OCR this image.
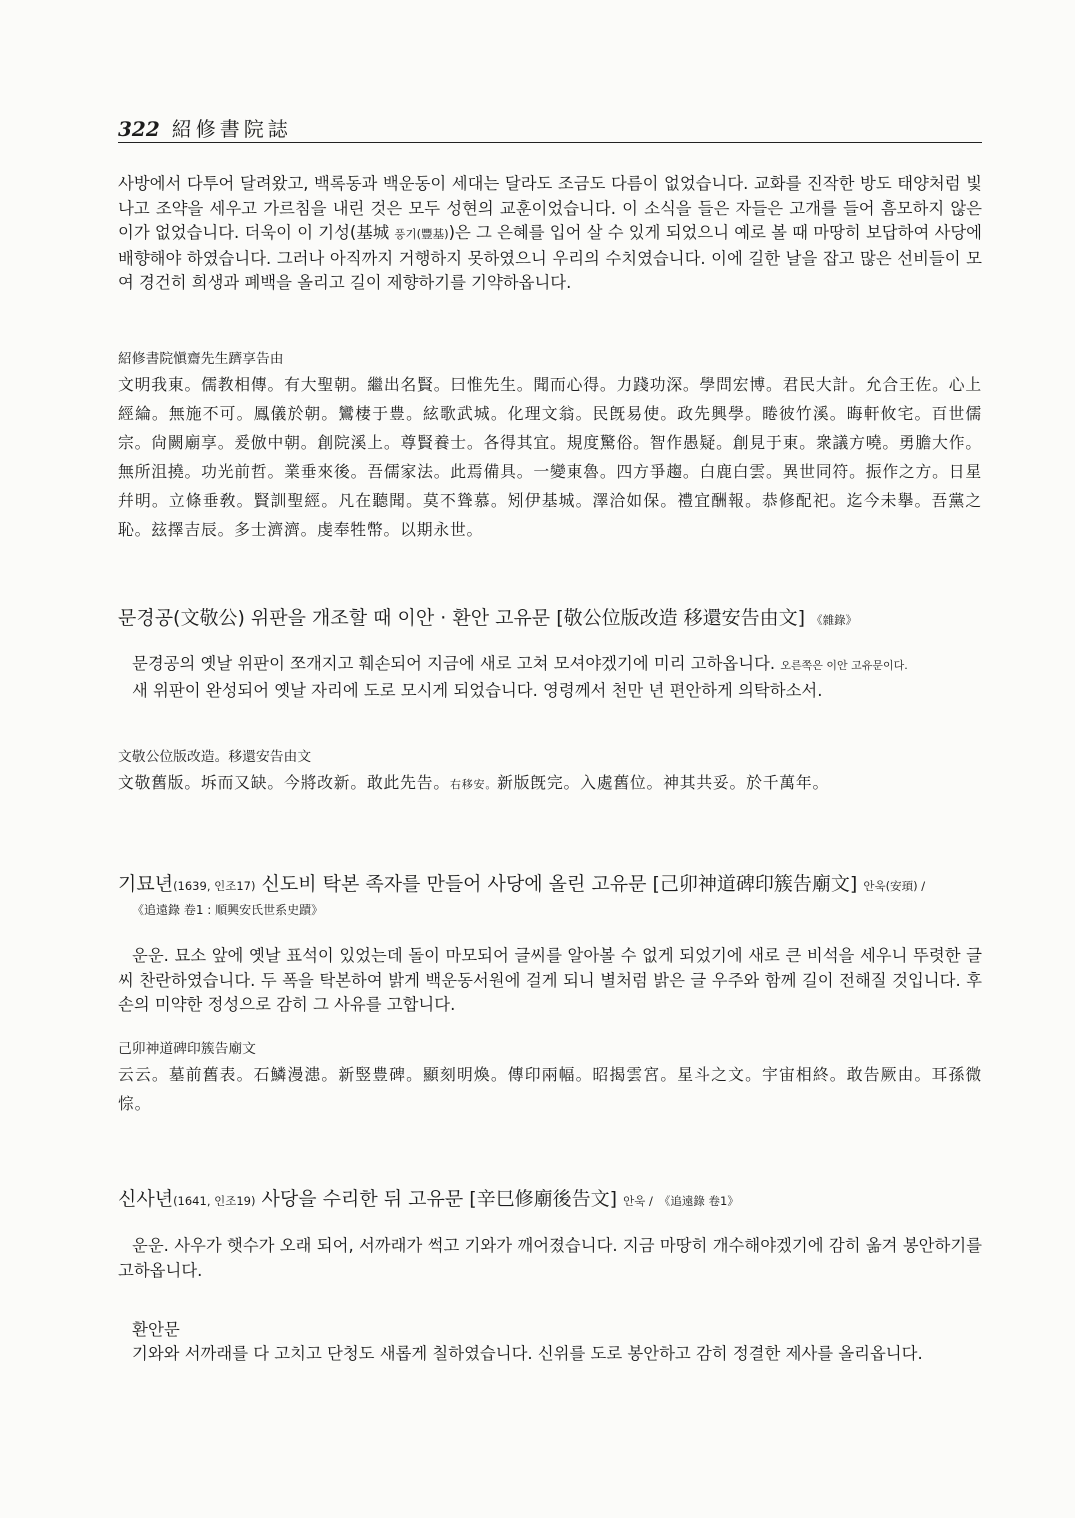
322 紹修書院誌

사방에서 다투어 달려왔고, 백록동과 백운동이 세대는 달라도 조금도 다름이 없었습니다. 교화를 진작한 방도 태양처럼 빛나고 조약을 세우고 가르침을 내린 것은 모두 성현의 교훈이었습니다. 이 소식을 들은 자들은 고개를 들어 흠모하지 않은 이가 없었습니다. 더욱이 이 기성(基城 풍기(豐基))은 그 은혜를 입어 살 수 있게 되었으니 예로 볼 때 마땅히 보답하여 사당에 배향해야 하였습니다. 그러나 아직까지 거행하지 못하였으니 우리의 수치였습니다. 이에 길한 날을 잡고 많은 선비들이 모여 경건히 희생과 폐백을 올리고 길이 제향하기를 기약하옵니다.

紹修書院愼齋先生躋享告由

文明我東。儒教相傳。有大聖朝。繼出名賢。曰惟先生。聞而心得。力踐功深。學問宏博。君民大計。允合王佐。心上經綸。無施不可。鳳儀於朝。鸞棲于豊。絃歌武城。化理文翁。民旣易使。政先興學。睠彼竹溪。晦軒攸宅。百世儒宗。尙闕廟享。爰倣中朝。創院溪上。尊賢養士。各得其宜。規度驚俗。智作愚疑。創見于東。衆議方嘵。勇膽大作。無所沮撓。功光前哲。業垂來後。吾儒家法。此焉備具。一變東魯。四方爭趨。白鹿白雲。異世同符。振作之方。日星幷明。立條垂敎。賢訓聖經。凡在聽聞。莫不聳慕。矧伊基城。澤洽如保。禮宜酬報。恭修配祀。迄今未擧。吾黨之恥。玆擇吉辰。多士濟濟。虔奉牲幣。以期永世。

문경공(文敬公) 위판을 개조할 때 이안 · 환안 고유문 [敬公位版改造 移還安告由文] 《雜錄》

문경공의 옛날 위판이 쪼개지고 훼손되어 지금에 새로 고쳐 모셔야겠기에 미리 고하옵니다. 오른쪽은 이안 고유문이다.

새 위판이 완성되어 옛날 자리에 도로 모시게 되었습니다. 영령께서 천만 년 편안하게 의탁하소서.

文敬公位版改造。移還安告由文

文敬舊版。坼而又缺。今將改新。敢此先告。右移安。新版旣完。入處舊位。神其共妥。於千萬年。

기묘년(1639, 인조17) 신도비 탁본 족자를 만들어 사당에 올린 고유문 [己卯神道碑印簇告廟文] 안욱(安頊) /

《追遠錄 卷1 : 順興安氏世系史蹟》

운운. 묘소 앞에 옛날 표석이 있었는데 돌이 마모되어 글씨를 알아볼 수 없게 되었기에 새로 큰 비석을 세우니 뚜렷한 글씨 찬란하였습니다. 두 폭을 탁본하여 밝게 백운동서원에 걸게 되니 별처럼 밝은 글 우주와 함께 길이 전해질 것입니다. 후손의 미약한 정성으로 감히 그 사유를 고합니다.

己卯神道碑印簇告廟文

云云。墓前舊表。石鱗漫漶。新竪豊碑。顯刻明煥。傳印兩幅。昭揭雲宮。星斗之文。宇宙相終。敢告厥由。耳孫微悰。

신사년(1641, 인조19) 사당을 수리한 뒤 고유문 [辛巳修廟後告文] 안욱 / 《追遠錄 卷1》

운운. 사우가 햇수가 오래 되어, 서까래가 썩고 기와가 깨어졌습니다. 지금 마땅히 개수해야겠기에 감히 옮겨 봉안하기를 고하옵니다.

환안문

기와와 서까래를 다 고치고 단청도 새롭게 칠하였습니다. 신위를 도로 봉안하고 감히 정결한 제사를 올리옵니다.
